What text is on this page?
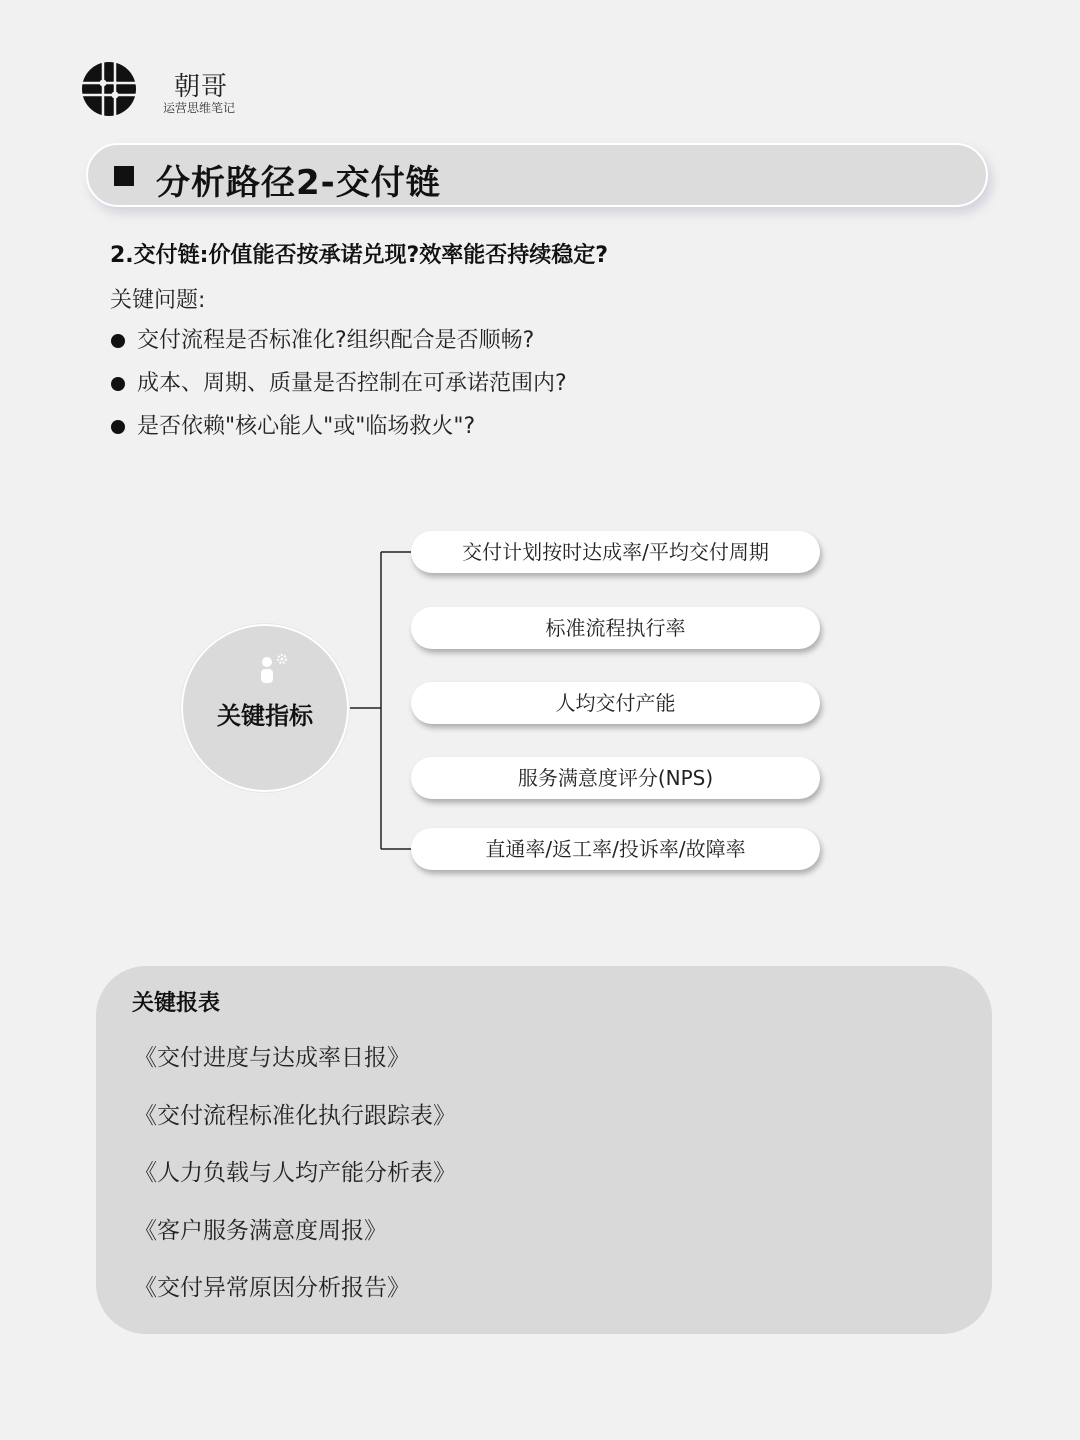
朝哥
运营思维笔记
分析路径2-交付链
2.交付链:价值能否按承诺兑现?效率能否持续稳定?
关键问题:
交付流程是否标准化?组织配合是否顺畅?
成本、周期、质量是否控制在可承诺范围内?
是否依赖"核心能人"或"临场救火"?
关键指标
交付计划按时达成率/平均交付周期
标准流程执行率
人均交付产能
服务满意度评分(NPS)
直通率/返工率/投诉率/故障率
关键报表
《交付进度与达成率日报》
《交付流程标准化执行跟踪表》
《人力负载与人均产能分析表》
《客户服务满意度周报》
《交付异常原因分析报告》
